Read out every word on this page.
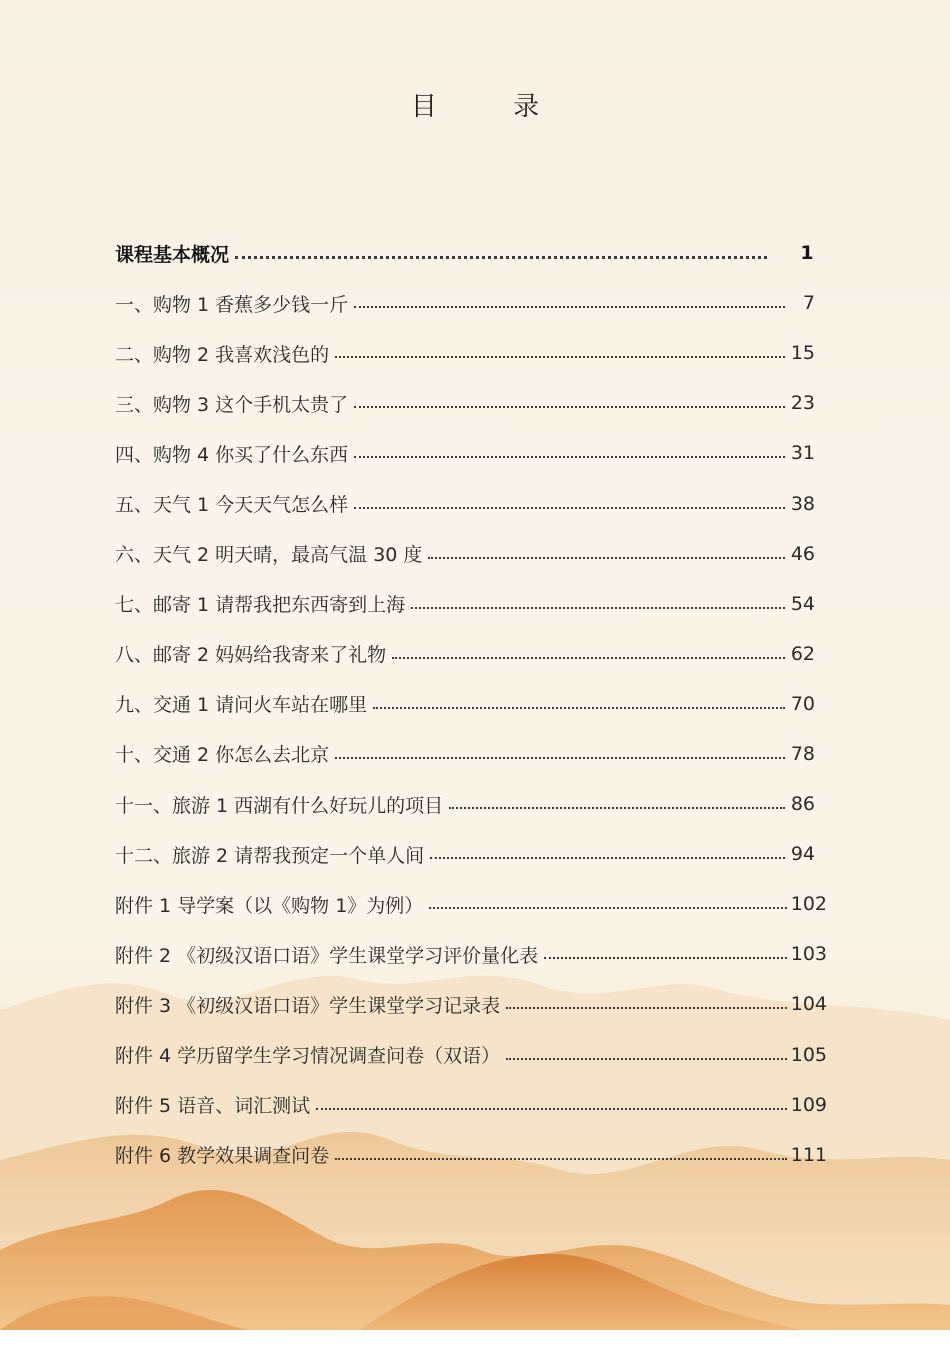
目 录
课程基本概况	1
一、购物 1 香蕉多少钱一斤	7
二、购物 2 我喜欢浅色的	15
三、购物 3 这个手机太贵了	23
四、购物 4 你买了什么东西	31
五、天气 1 今天天气怎么样	38
六、天气 2 明天晴，最高气温 30 度	46
七、邮寄 1 请帮我把东西寄到上海	54
八、邮寄 2 妈妈给我寄来了礼物	62
九、交通 1 请问火车站在哪里	70
十、交通 2 你怎么去北京	78
十一、旅游 1 西湖有什么好玩儿的项目	86
十二、旅游 2 请帮我预定一个单人间	94
附件 1 导学案（以《购物 1》为例）	102
附件 2 《初级汉语口语》学生课堂学习评价量化表	103
附件 3 《初级汉语口语》学生课堂学习记录表	104
附件 4 学历留学生学习情况调查问卷（双语）	105
附件 5 语音、词汇测试	109
附件 6 教学效果调查问卷	111
